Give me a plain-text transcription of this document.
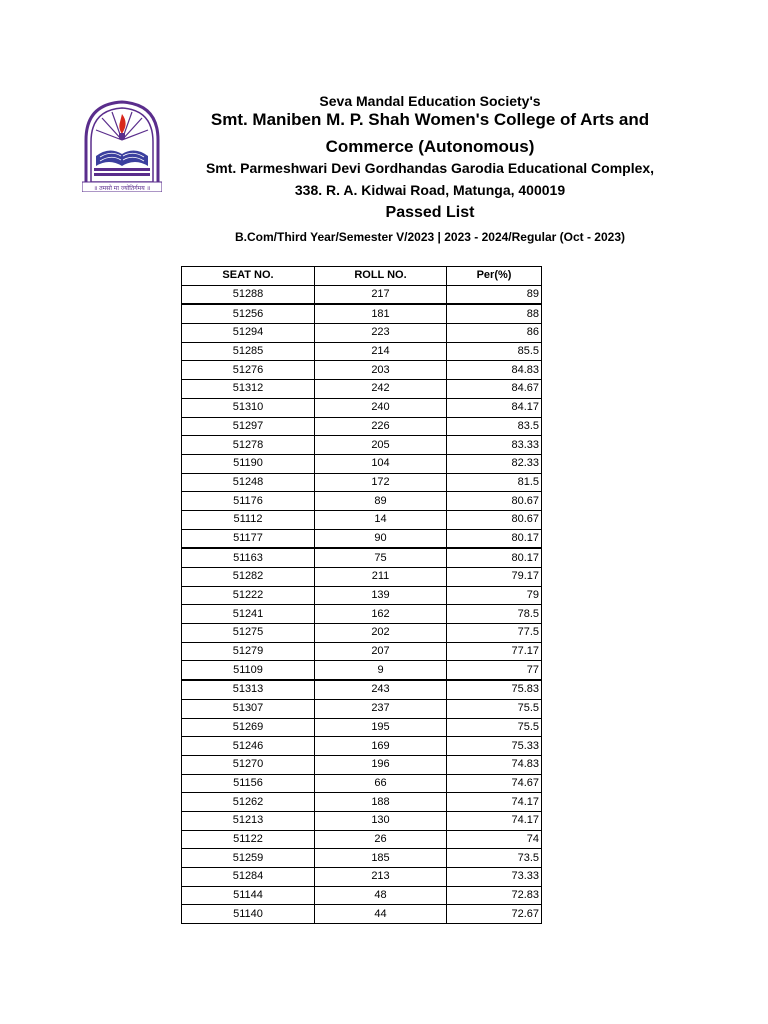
॥ तमसो मा ज्योतिर्गमय ॥
Seva Mandal Education Society's
Smt. Maniben M. P. Shah Women's College of Arts and
Commerce (Autonomous)
Smt. Parmeshwari Devi Gordhandas Garodia Educational Complex,
338. R. A. Kidwai Road, Matunga, 400019
Passed List
B.Com/Third Year/Semester V/2023 | 2023 - 2024/Regular (Oct - 2023)
SEAT NO.	ROLL NO.	Per(%)
51288	217	89
51256	181	88
51294	223	86
51285	214	85.5
51276	203	84.83
51312	242	84.67
51310	240	84.17
51297	226	83.5
51278	205	83.33
51190	104	82.33
51248	172	81.5
51176	89	80.67
51112	14	80.67
51177	90	80.17
51163	75	80.17
51282	211	79.17
51222	139	79
51241	162	78.5
51275	202	77.5
51279	207	77.17
51109	9	77
51313	243	75.83
51307	237	75.5
51269	195	75.5
51246	169	75.33
51270	196	74.83
51156	66	74.67
51262	188	74.17
51213	130	74.17
51122	26	74
51259	185	73.5
51284	213	73.33
51144	48	72.83
51140	44	72.67
